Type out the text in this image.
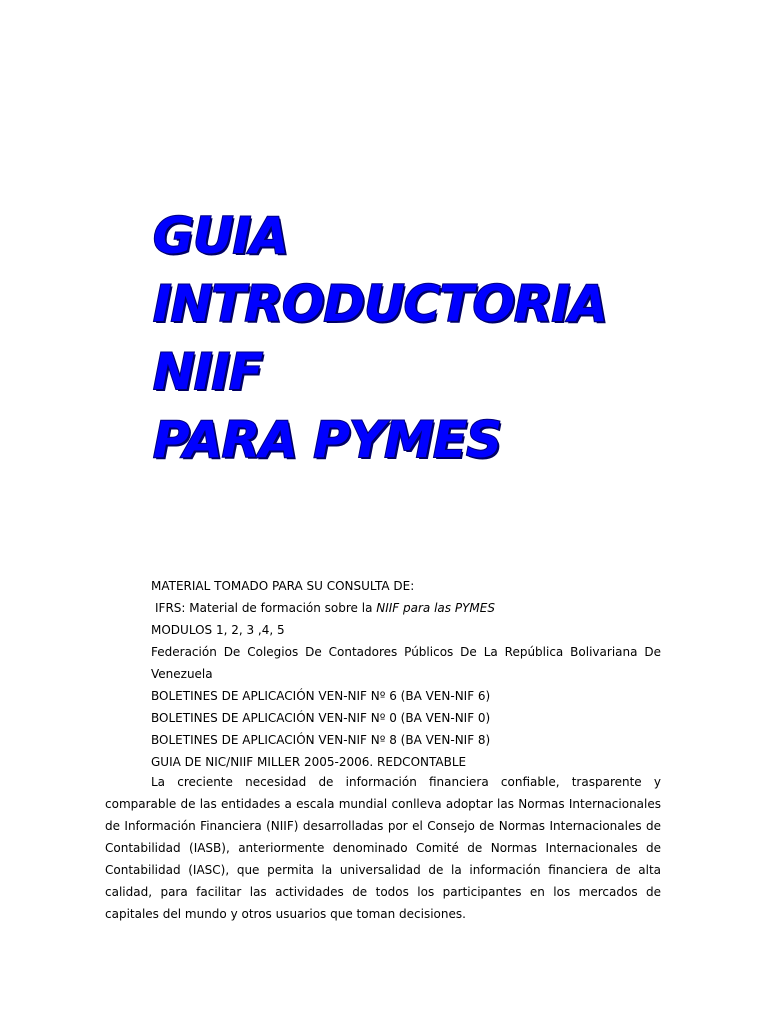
GUIA
INTRODUCTORIA
NIIF
PARA PYMES
MATERIAL TOMADO PARA SU CONSULTA DE:
IFRS: Material de formación sobre la NIIF para las PYMES
MODULOS 1, 2, 3 ,4, 5
Federación De Colegios De Contadores Públicos De La República Bolivariana De Venezuela
BOLETINES DE APLICACIÓN VEN-NIF Nº 6 (BA VEN-NIF 6)
BOLETINES DE APLICACIÓN VEN-NIF Nº 0 (BA VEN-NIF 0)
BOLETINES DE APLICACIÓN VEN-NIF Nº 8 (BA VEN-NIF 8)
GUIA DE NIC/NIIF MILLER 2005-2006. REDCONTABLE

La creciente necesidad de información financiera confiable, trasparente y comparable de las entidades a escala mundial conlleva adoptar las Normas Internacionales de Información Financiera (NIIF) desarrolladas por el Consejo de Normas Internacionales de Contabilidad (IASB), anteriormente denominado Comité de Normas Internacionales de Contabilidad (IASC), que permita la universalidad de la información financiera de alta calidad, para facilitar las actividades de todos los participantes en los mercados de capitales del mundo y otros usuarios que toman decisiones.
